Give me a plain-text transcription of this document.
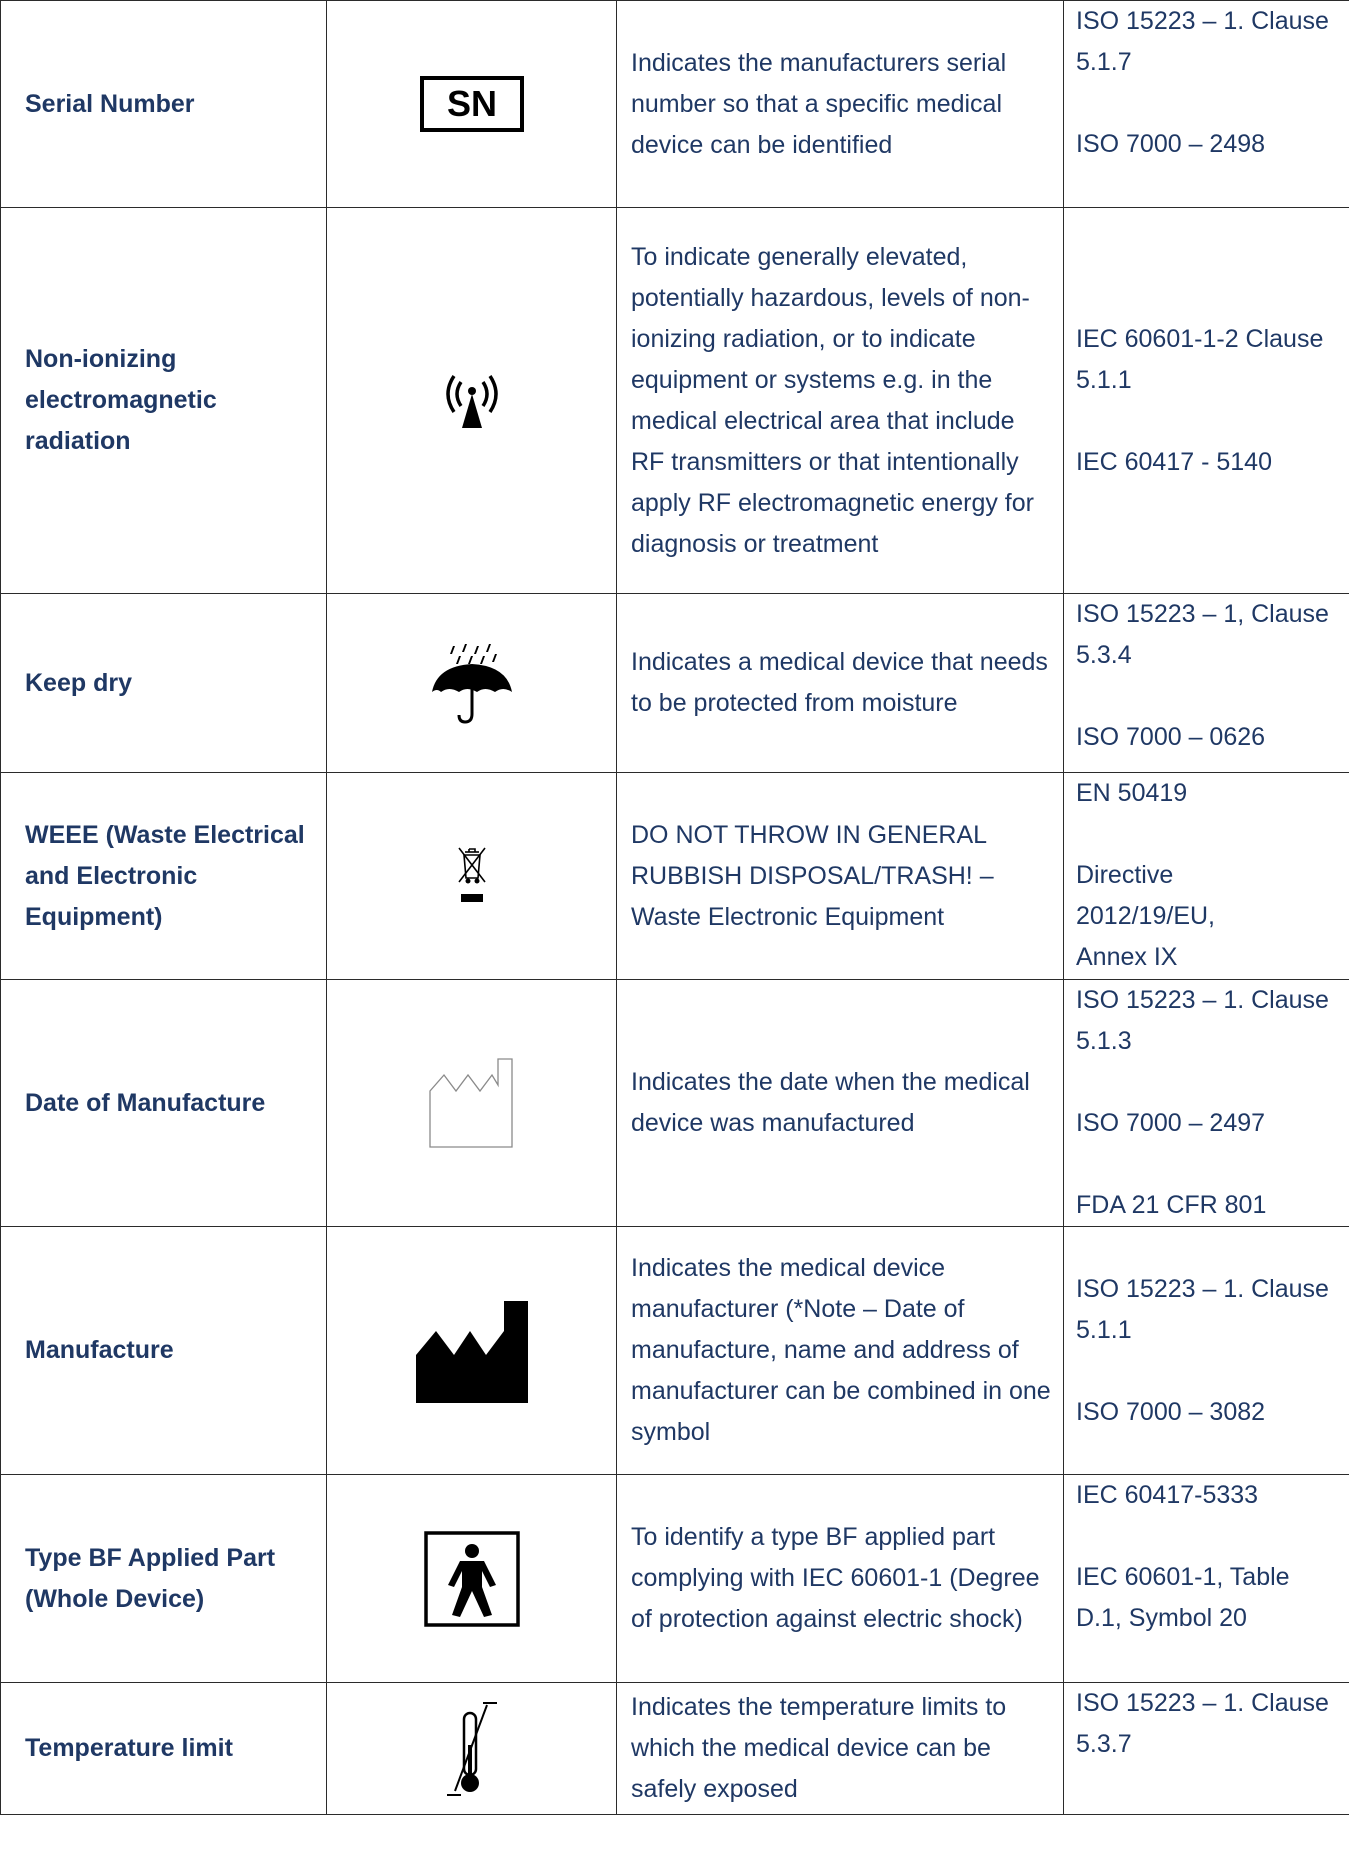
Serial Number	SN	Indicates the manufacturers serial number so that a specific medical device can be identified	ISO 15223 – 1. Clause 5.1.7
ISO 7000 – 2498

Non-ionizing electromagnetic radiation		To indicate generally elevated, potentially hazardous, levels of non-ionizing radiation, or to indicate equipment or systems e.g. in the medical electrical area that include RF transmitters or that intentionally apply RF electromagnetic energy for diagnosis or treatment	IEC 60601-1-2 Clause 5.1.1
IEC 60417 - 5140

Keep dry		Indicates a medical device that needs to be protected from moisture	ISO 15223 – 1, Clause 5.3.4
ISO 7000 – 0626

WEEE (Waste Electrical and Electronic Equipment)		DO NOT THROW IN GENERAL RUBBISH DISPOSAL/TRASH! – Waste Electronic Equipment	EN 50419
Directive 2012/19/EU, Annex IX

Date of Manufacture		Indicates the date when the medical device was manufactured	ISO 15223 – 1. Clause 5.1.3
ISO 7000 – 2497
FDA 21 CFR 801

Manufacture		Indicates the medical device manufacturer (*Note – Date of manufacture, name and address of manufacturer can be combined in one symbol	ISO 15223 – 1. Clause 5.1.1
ISO 7000 – 3082

Type BF Applied Part (Whole Device)		To identify a type BF applied part complying with IEC 60601-1 (Degree of protection against electric shock)	IEC 60417-5333
IEC 60601-1, Table D.1, Symbol 20

Temperature limit		Indicates the temperature limits to which the medical device can be safely exposed	ISO 15223 – 1. Clause 5.3.7
